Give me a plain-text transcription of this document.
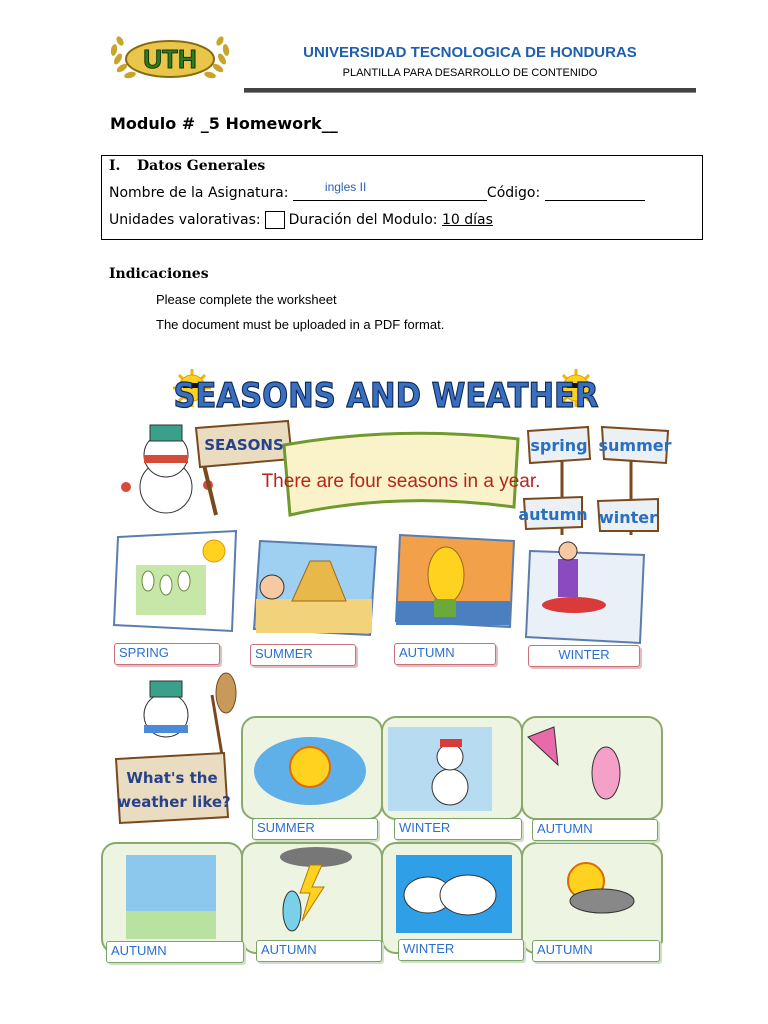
UTH	UNIVERSIDAD TECNOLOGICA DE HONDURAS
PLANTILLA PARA DESARROLLO DE CONTENIDO
Modulo # _5 Homework__
I. Datos Generales
Nombre de la Asignatura:	ingles II	Código:
Unidades valorativas: Duración del Modulo: 10 días
Indicaciones
Please complete the worksheet
The document must be uploaded in a PDF format.
SEASONS AND WEATHER
SEASONS
There are four seasons in a year.
spring summer
autumn winter
What's the
weather like?
SPRING	SUMMER	AUTUMN	WINTER
SUMMER	WINTER	AUTUMN
AUTUMN	AUTUMN	WINTER	AUTUMN
